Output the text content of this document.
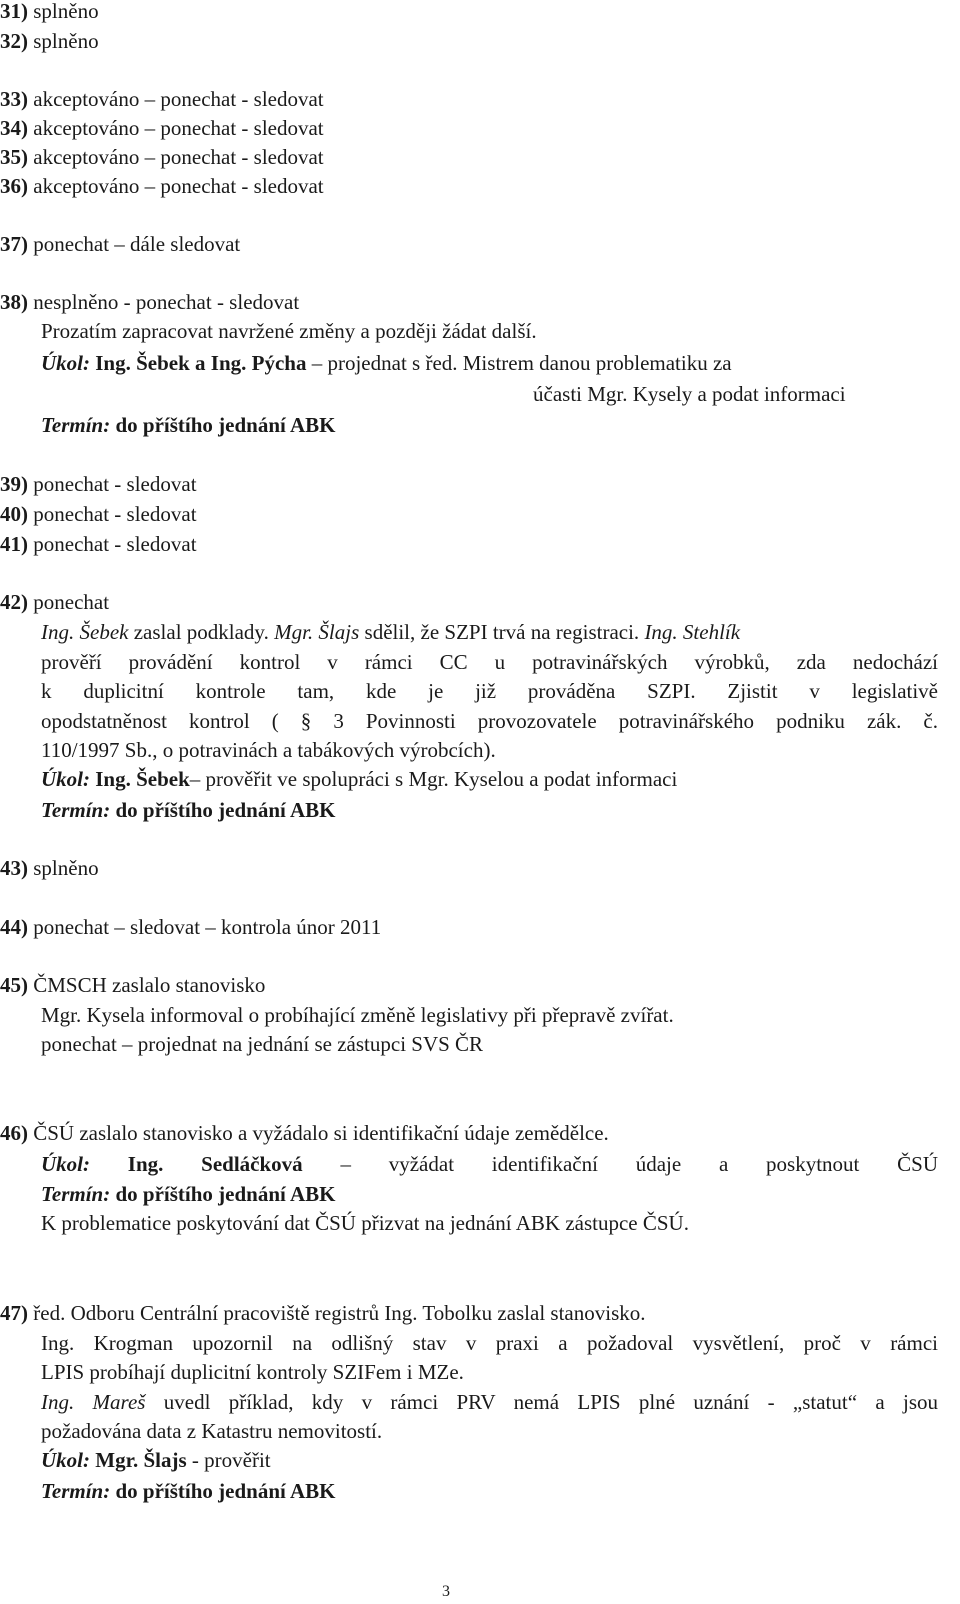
31) splněno
32) splněno
33) akceptováno – ponechat - sledovat
34) akceptováno – ponechat - sledovat
35) akceptováno – ponechat - sledovat
36) akceptováno – ponechat - sledovat
37) ponechat – dále sledovat
38) nesplněno - ponechat - sledovat
Prozatím zapracovat navržené změny a později žádat další.
Úkol: Ing. Šebek a Ing. Pýcha – projednat s řed. Mistrem danou problematiku za
účasti Mgr. Kysely a podat informaci
Termín: do příštího jednání ABK
39) ponechat - sledovat
40) ponechat - sledovat
41) ponechat - sledovat
42) ponechat
Ing. Šebek zaslal podklady. Mgr. Šlajs sdělil, že SZPI trvá na registraci. Ing. Stehlík
prověří provádění kontrol v rámci CC u potravinářských výrobků, zda nedochází
k duplicitní kontrole tam, kde je již prováděna SZPI. Zjistit v legislativě
opodstatněnost kontrol ( § 3 Povinnosti provozovatele potravinářského podniku zák. č.
110/1997 Sb., o potravinách a tabákových výrobcích).
Úkol: Ing. Šebek– prověřit ve spolupráci s Mgr. Kyselou a podat informaci
Termín: do příštího jednání ABK
43) splněno
44) ponechat – sledovat – kontrola únor 2011
45) ČMSCH zaslalo stanovisko
Mgr. Kysela informoval o probíhající změně legislativy při přepravě zvířat.
ponechat – projednat na jednání se zástupci SVS ČR
46) ČSÚ zaslalo stanovisko a vyžádalo si identifikační údaje zemědělce.
Úkol: Ing. Sedláčková – vyžádat identifikační údaje a poskytnout ČSÚ
Termín: do příštího jednání ABK
K problematice poskytování dat ČSÚ přizvat na jednání ABK zástupce ČSÚ.
47) řed. Odboru Centrální pracoviště registrů Ing. Tobolku zaslal stanovisko.
Ing. Krogman upozornil na odlišný stav v praxi a požadoval vysvětlení, proč v rámci
LPIS probíhají duplicitní kontroly SZIFem i MZe.
Ing. Mareš uvedl příklad, kdy v rámci PRV nemá LPIS plné uznání - „statut“ a jsou
požadována data z Katastru nemovitostí.
Úkol: Mgr. Šlajs - prověřit
Termín: do příštího jednání ABK
3
